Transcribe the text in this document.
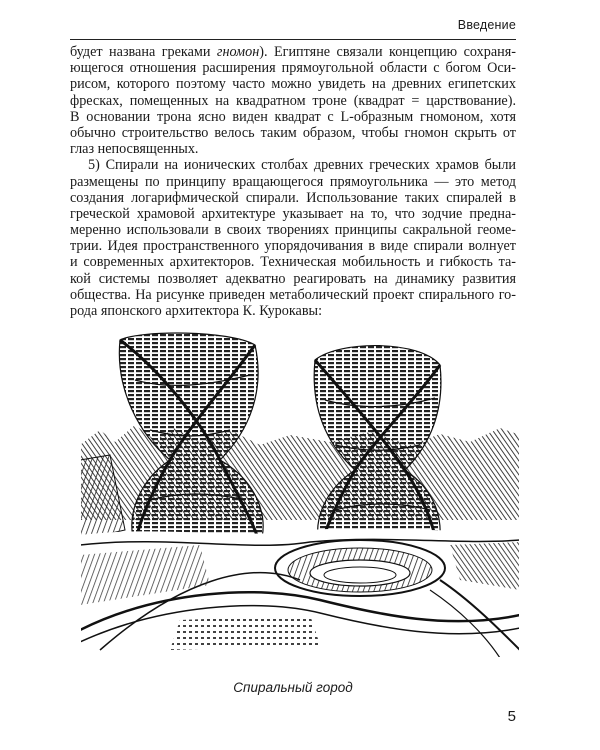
Введение
будет названа греками гномон). Египтяне связали концепцию сохраня-
ющегося отношения расширения прямоугольной области с богом Оси-
рисом, которого поэтому часто можно увидеть на древних египетских
фресках, помещенных на квадратном троне (квадрат = царствование).
В основании трона ясно виден квадрат с L-образным гномоном, хотя
обычно строительство велось таким образом, чтобы гномон скрыть от
глаз непосвященных.
5) Спирали на ионических столбах древних греческих храмов были
размещены по принципу вращающегося прямоугольника — это метод
создания логарифмической спирали. Использование таких спиралей в
греческой храмовой архитектуре указывает на то, что зодчие предна-
меренно использовали в своих творениях принципы сакральной геоме-
трии. Идея пространственного упорядочивания в виде спирали волнует
и современных архитекторов. Техническая мобильность и гибкость та-
кой системы позволяет адекватно реагировать на динамику развития
общества. На рисунке приведен метаболический проект спирального го-
рода японского архитектора К. Курокавы:
Спиральный город
5
